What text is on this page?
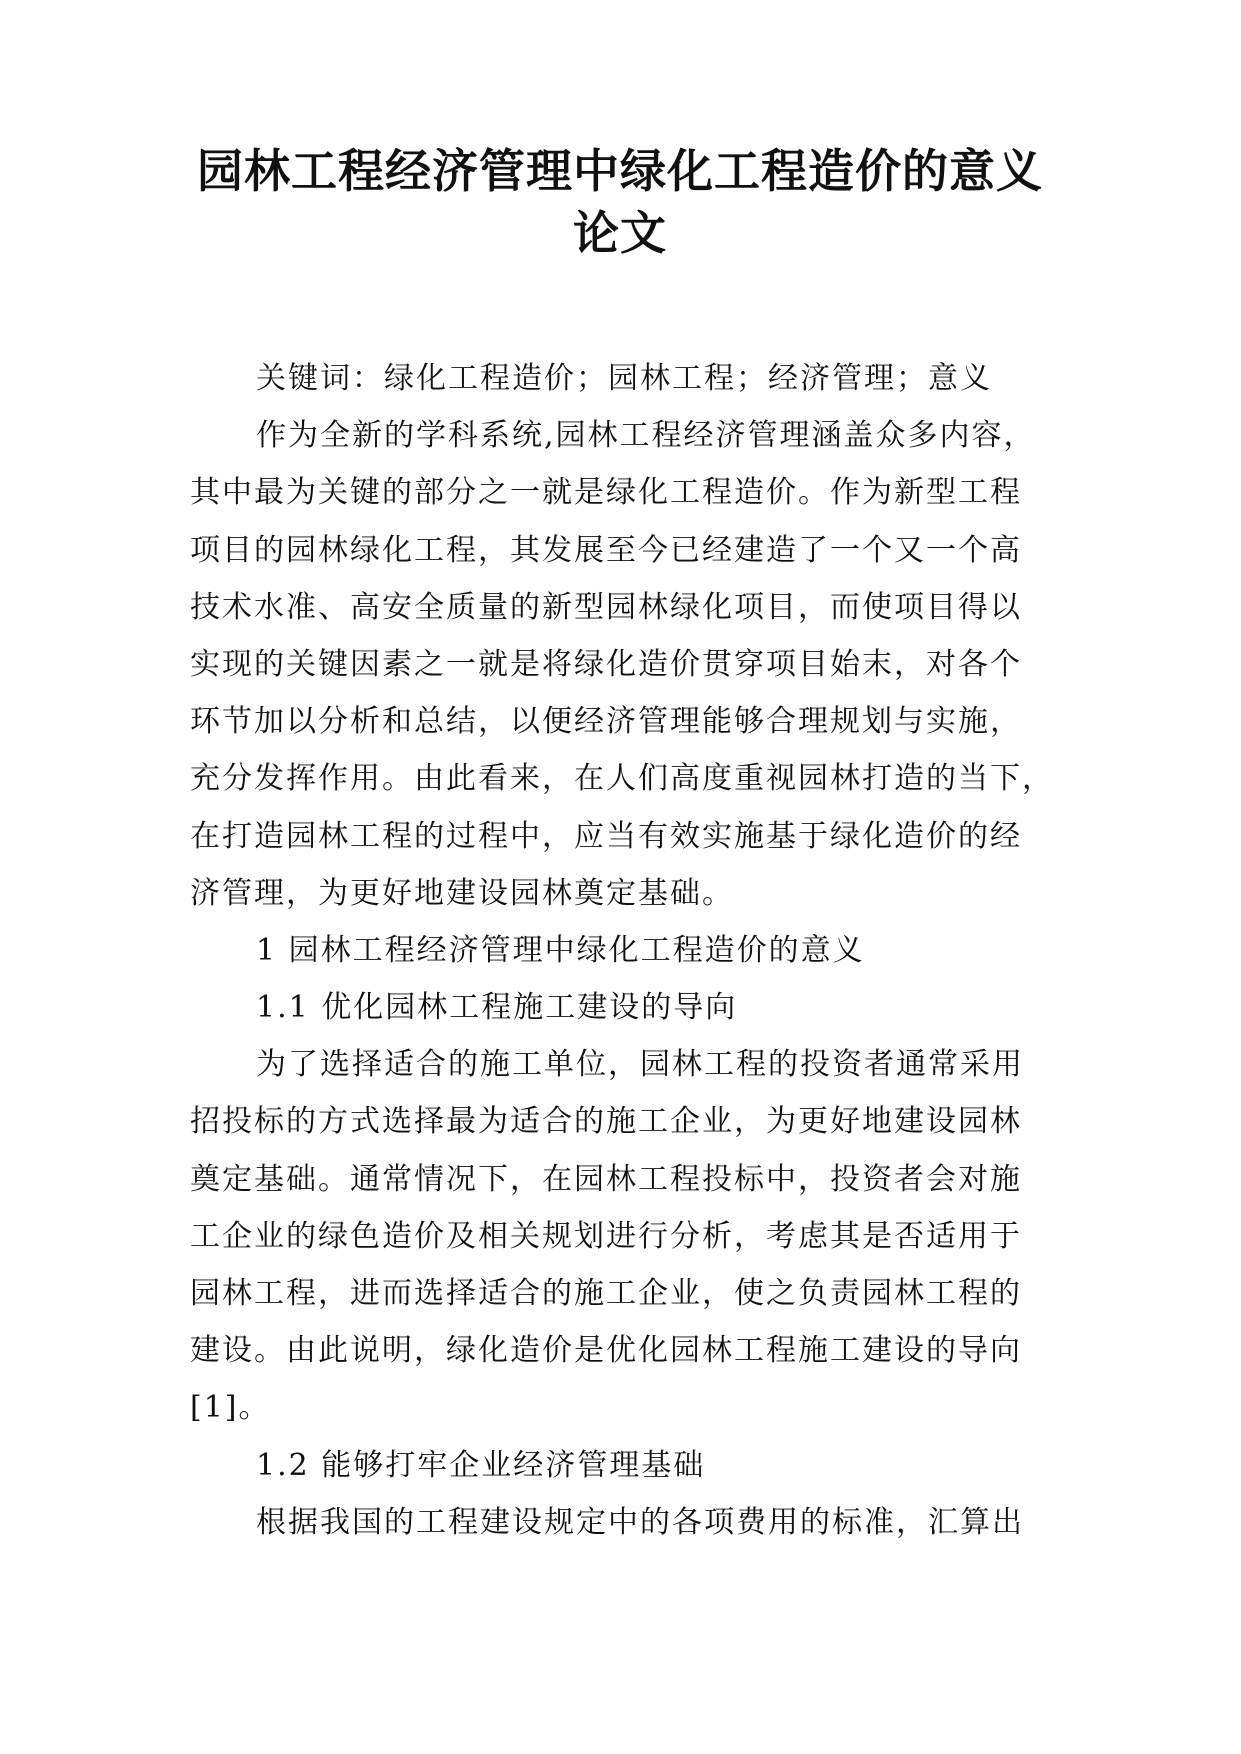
园林工程经济管理中绿化工程造价的意义
论文
关键词：绿化工程造价；园林工程；经济管理；意义
作为全新的学科系统,园林工程经济管理涵盖众多内容，
其中最为关键的部分之一就是绿化工程造价。作为新型工程
项目的园林绿化工程，其发展至今已经建造了一个又一个高
技术水准、高安全质量的新型园林绿化项目，而使项目得以
实现的关键因素之一就是将绿化造价贯穿项目始末，对各个
环节加以分析和总结，以便经济管理能够合理规划与实施，
充分发挥作用。由此看来，在人们高度重视园林打造的当下，
在打造园林工程的过程中，应当有效实施基于绿化造价的经
济管理，为更好地建设园林奠定基础。
1 园林工程经济管理中绿化工程造价的意义
1.1 优化园林工程施工建设的导向
为了选择适合的施工单位，园林工程的投资者通常采用
招投标的方式选择最为适合的施工企业，为更好地建设园林
奠定基础。通常情况下，在园林工程投标中，投资者会对施
工企业的绿色造价及相关规划进行分析，考虑其是否适用于
园林工程，进而选择适合的施工企业，使之负责园林工程的
建设。由此说明，绿化造价是优化园林工程施工建设的导向
[1]。
1.2 能够打牢企业经济管理基础
根据我国的工程建设规定中的各项费用的标准，汇算出
